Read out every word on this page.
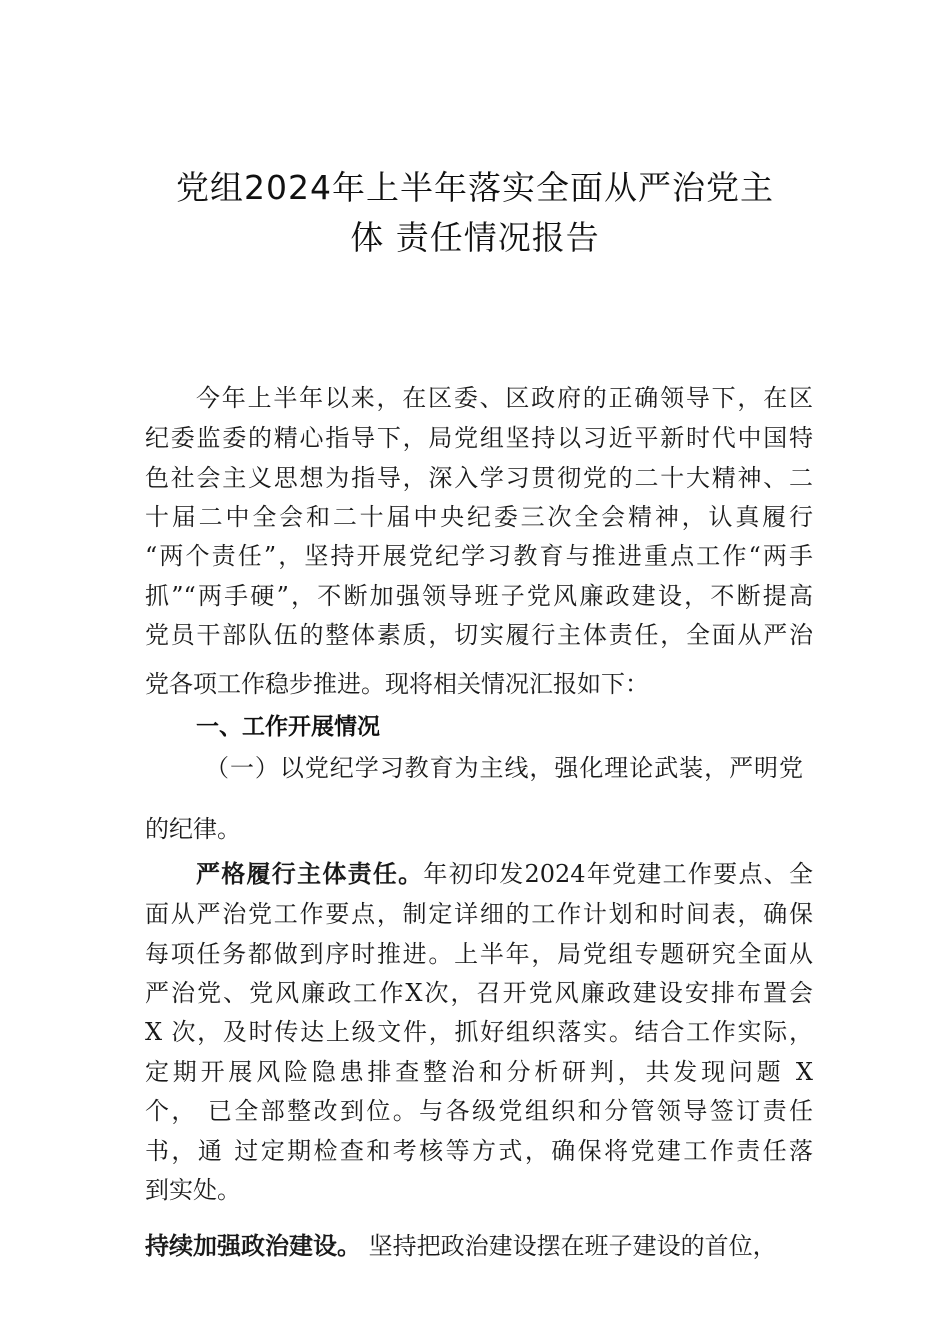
党组2024年上半年落实全面从严治党主
体 责任情况报告
今年上半年以来，在区委、区政府的正确领导下，在区
纪委监委的精心指导下，局党组坚持以习近平新时代中国特
色社会主义思想为指导，深入学习贯彻党的二十大精神、二
十届二中全会和二十届中央纪委三次全会精神，认真履行
“两个责任”，坚持开展党纪学习教育与推进重点工作“两手
抓”“两手硬”，不断加强领导班子党风廉政建设，不断提高
党员干部队伍的整体素质，切实履行主体责任，全面从严治
党各项工作稳步推进。现将相关情况汇报如下：
一、工作开展情况
（一）以党纪学习教育为主线，强化理论武装，严明党
的纪律。
严格履行主体责任。年初印发2024年党建工作要点、全
面从严治党工作要点，制定详细的工作计划和时间表，确保
每项任务都做到序时推进。上半年，局党组专题研究全面从
严治党、党风廉政工作X次，召开党风廉政建设安排布置会
X 次，及时传达上级文件，抓好组织落实。结合工作实际，
定期开展风险隐患排查整治和分析研判，共发现问题 X
个， 已全部整改到位。与各级党组织和分管领导签订责任
书，通 过定期检查和考核等方式，确保将党建工作责任落
到实处。
持续加强政治建设。 坚持把政治建设摆在班子建设的首位，
